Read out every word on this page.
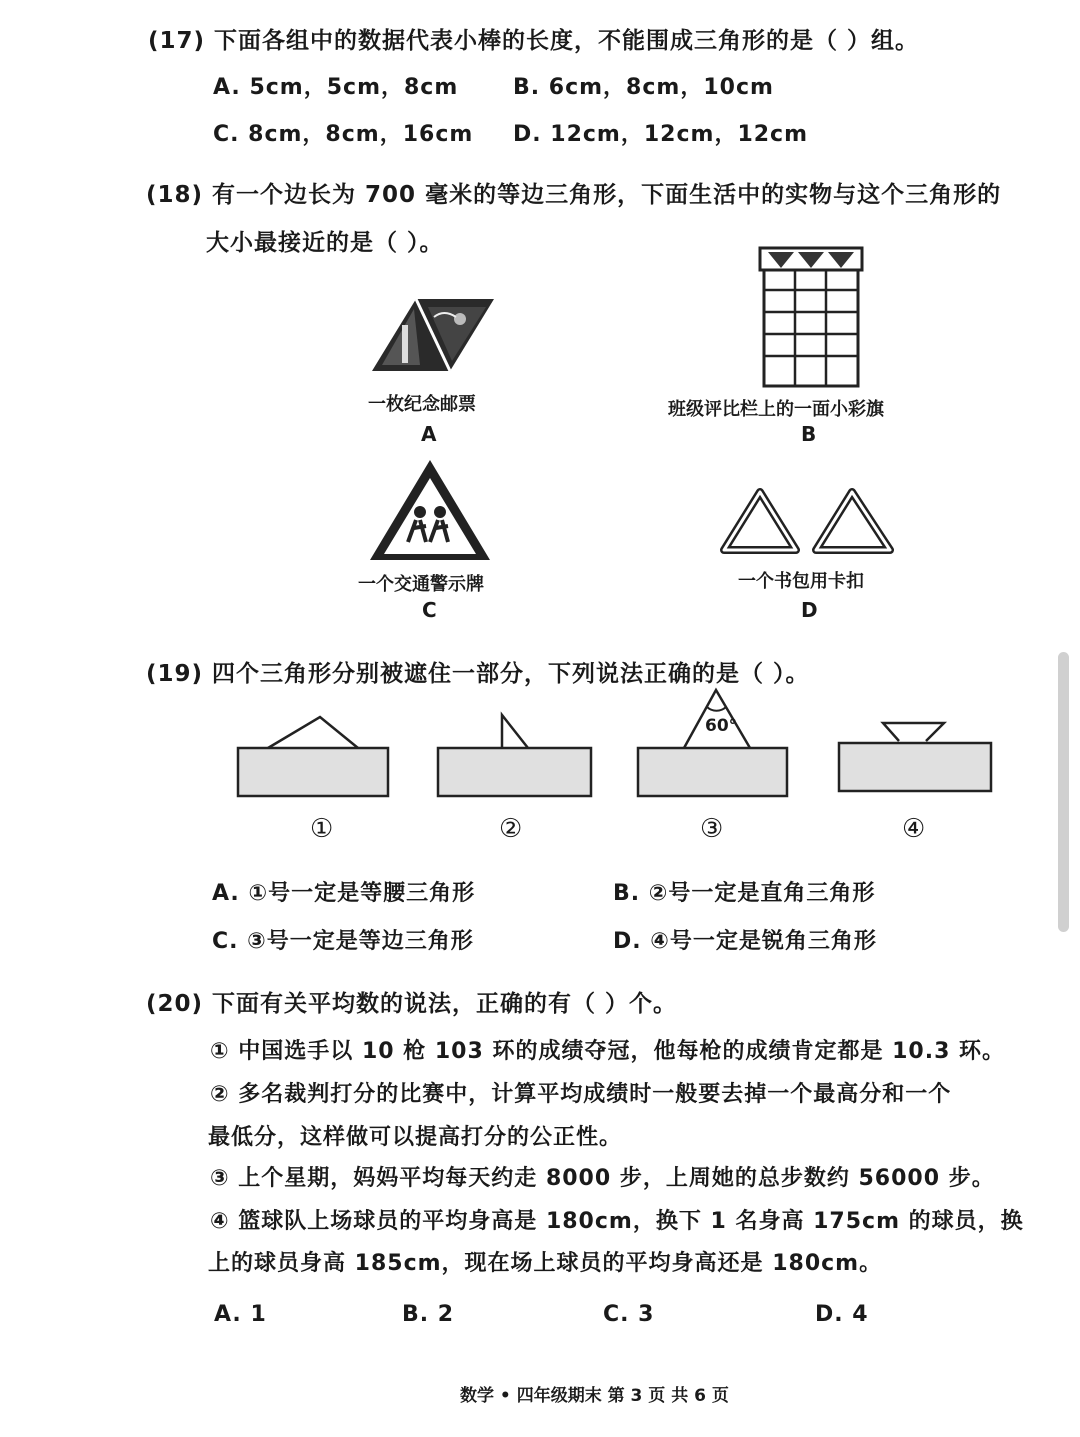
(17) 下面各组中的数据代表小棒的长度，不能围成三角形的是（ ）组。
A. 5cm，5cm，8cm B. 6cm，8cm，10cm
C. 8cm，8cm，16cm D. 12cm，12cm，12cm
(18) 有一个边长为 700 毫米的等边三角形，下面生活中的实物与这个三角形的
大小最接近的是（ ）。
一枚纪念邮票
A
班级评比栏上的一面小彩旗
B
一个交通警示牌
C
一个书包用卡扣
D
(19) 四个三角形分别被遮住一部分，下列说法正确的是（ ）。
60°
①	②	③	④
A. ①号一定是等腰三角形	B. ②号一定是直角三角形
C. ③号一定是等边三角形	D. ④号一定是锐角三角形
(20) 下面有关平均数的说法，正确的有（ ）个。
① 中国选手以 10 枪 103 环的成绩夺冠，他每枪的成绩肯定都是 10.3 环。
② 多名裁判打分的比赛中，计算平均成绩时一般要去掉一个最高分和一个
最低分，这样做可以提高打分的公正性。
③ 上个星期，妈妈平均每天约走 8000 步，上周她的总步数约 56000 步。
④ 篮球队上场球员的平均身高是 180cm，换下 1 名身高 175cm 的球员，换
上的球员身高 185cm，现在场上球员的平均身高还是 180cm。
A. 1	B. 2	C. 3	D. 4
数学 • 四年级期末 第 3 页 共 6 页
